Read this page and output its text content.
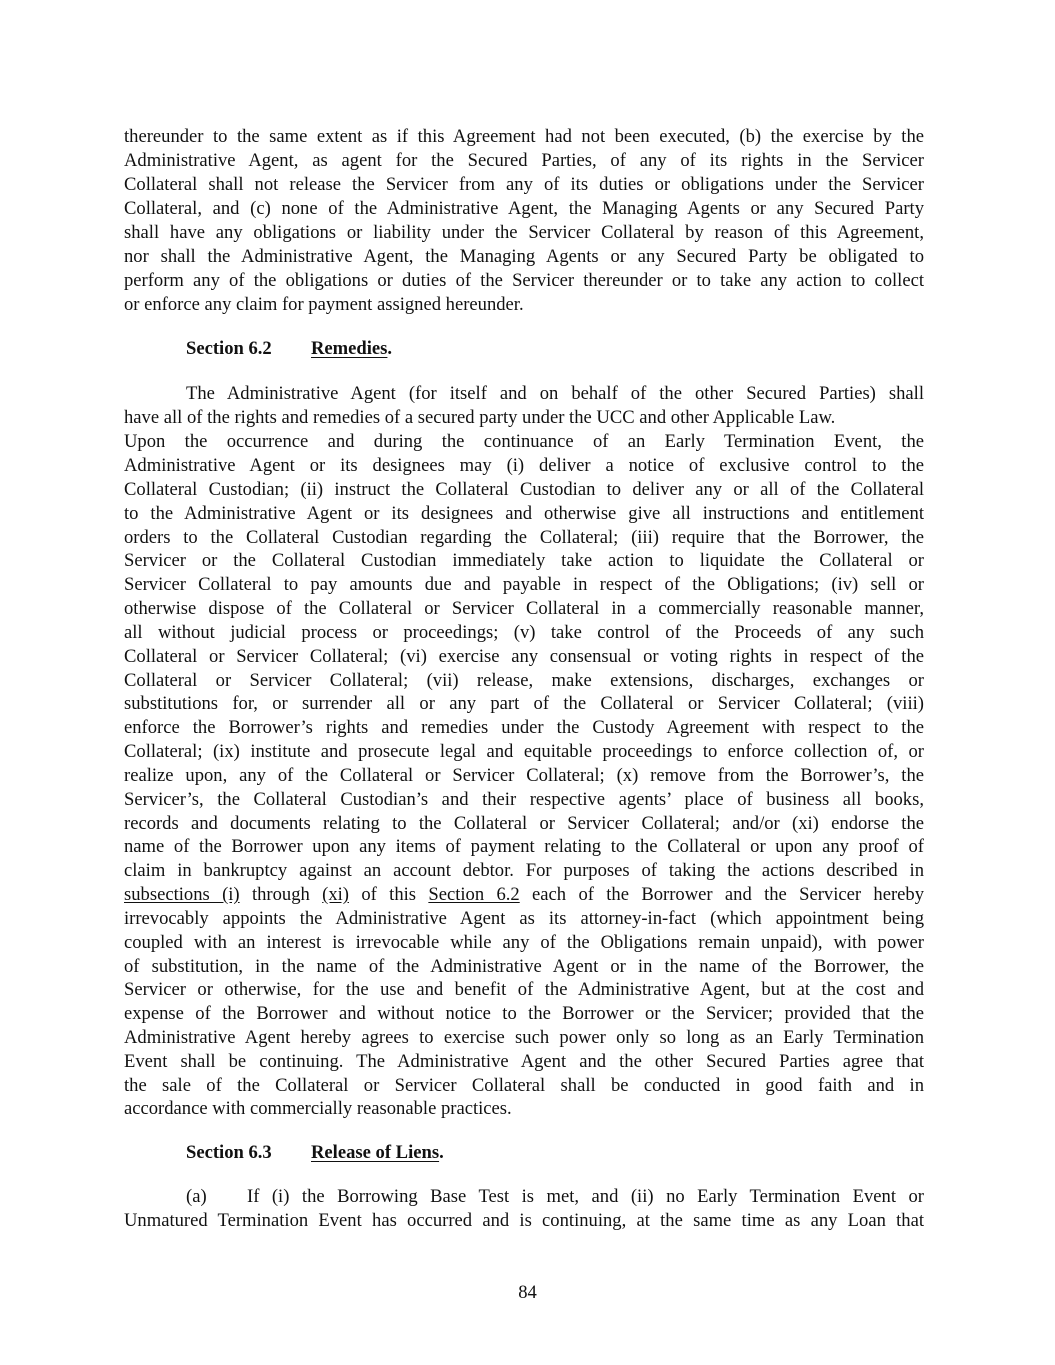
thereunder to the same extent as if this Agreement had not been executed, (b) the exercise by the
Administrative Agent, as agent for the Secured Parties, of any of its rights in the Servicer
Collateral shall not release the Servicer from any of its duties or obligations under the Servicer
Collateral, and (c) none of the Administrative Agent, the Managing Agents or any Secured Party
shall have any obligations or liability under the Servicer Collateral by reason of this Agreement,
nor shall the Administrative Agent, the Managing Agents or any Secured Party be obligated to
perform any of the obligations or duties of the Servicer thereunder or to take any action to collect
or enforce any claim for payment assigned hereunder.
Section 6.2 Remedies.
The Administrative Agent (for itself and on behalf of the other Secured Parties) shall
have all of the rights and remedies of a secured party under the UCC and other Applicable Law.
Upon the occurrence and during the continuance of an Early Termination Event, the
Administrative Agent or its designees may (i) deliver a notice of exclusive control to the
Collateral Custodian; (ii) instruct the Collateral Custodian to deliver any or all of the Collateral
to the Administrative Agent or its designees and otherwise give all instructions and entitlement
orders to the Collateral Custodian regarding the Collateral; (iii) require that the Borrower, the
Servicer or the Collateral Custodian immediately take action to liquidate the Collateral or
Servicer Collateral to pay amounts due and payable in respect of the Obligations; (iv) sell or
otherwise dispose of the Collateral or Servicer Collateral in a commercially reasonable manner,
all without judicial process or proceedings; (v) take control of the Proceeds of any such
Collateral or Servicer Collateral; (vi) exercise any consensual or voting rights in respect of the
Collateral or Servicer Collateral; (vii) release, make extensions, discharges, exchanges or
substitutions for, or surrender all or any part of the Collateral or Servicer Collateral; (viii)
enforce the Borrower’s rights and remedies under the Custody Agreement with respect to the
Collateral; (ix) institute and prosecute legal and equitable proceedings to enforce collection of, or
realize upon, any of the Collateral or Servicer Collateral; (x) remove from the Borrower’s, the
Servicer’s, the Collateral Custodian’s and their respective agents’ place of business all books,
records and documents relating to the Collateral or Servicer Collateral; and/or (xi) endorse the
name of the Borrower upon any items of payment relating to the Collateral or upon any proof of
claim in bankruptcy against an account debtor. For purposes of taking the actions described in
subsections (i) through (xi) of this Section 6.2 each of the Borrower and the Servicer hereby
irrevocably appoints the Administrative Agent as its attorney-in-fact (which appointment being
coupled with an interest is irrevocable while any of the Obligations remain unpaid), with power
of substitution, in the name of the Administrative Agent or in the name of the Borrower, the
Servicer or otherwise, for the use and benefit of the Administrative Agent, but at the cost and
expense of the Borrower and without notice to the Borrower or the Servicer; provided that the
Administrative Agent hereby agrees to exercise such power only so long as an Early Termination
Event shall be continuing. The Administrative Agent and the other Secured Parties agree that
the sale of the Collateral or Servicer Collateral shall be conducted in good faith and in
accordance with commercially reasonable practices.
Section 6.3 Release of Liens.
(a) If (i) the Borrowing Base Test is met, and (ii) no Early Termination Event or
Unmatured Termination Event has occurred and is continuing, at the same time as any Loan that
84
